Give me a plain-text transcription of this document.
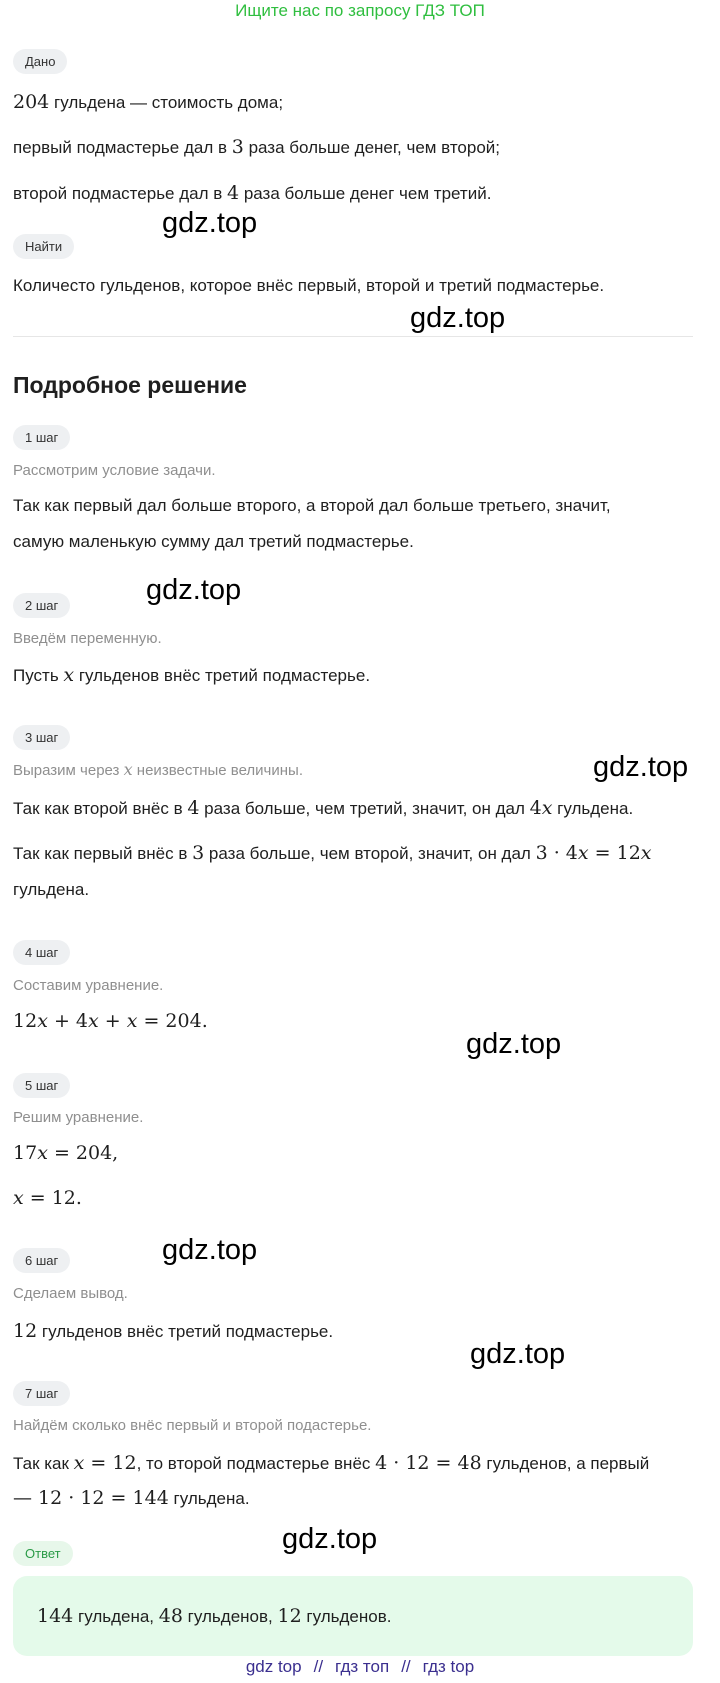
Ищите нас по запросу ГДЗ ТОП
Дано
204 гульдена — стоимость дома;
первый подмастерье дал в 3 раза больше денег, чем второй;
второй подмастерье дал в 4 раза больше денег чем третий.
gdz.top
Найти
Количесто гульденов, которое внёс первый, второй и третий подмастерье.
gdz.top
Подробное решение
1 шаг
Рассмотрим условие задачи.
Так как первый дал больше второго, а второй дал больше третьего, значит,
самую маленькую сумму дал третий подмастерье.
gdz.top
2 шаг
Введём переменную.
Пусть x гульденов внёс третий подмастерье.
3 шаг
gdz.top
Выразим через x неизвестные величины.
Так как второй внёс в 4 раза больше, чем третий, значит, он дал 4x гульдена.
Так как первый внёс в 3 раза больше, чем второй, значит, он дал 3 · 4x = 12x
гульдена.
4 шаг
Составим уравнение.
12x + 4x + x = 204.
gdz.top
5 шаг
Решим уравнение.
17x = 204,
x = 12.
gdz.top
6 шаг
Сделаем вывод.
12 гульденов внёс третий подмастерье.
gdz.top
7 шаг
Найдём сколько внёс первый и второй подастерье.
Так как x = 12, то второй подмастерье внёс 4 · 12 = 48 гульденов, а первый
— 12 · 12 = 144 гульдена.
gdz.top
Ответ
144 гульдена, 48 гульденов, 12 гульденов.
gdz top // гдз топ // гдз top
